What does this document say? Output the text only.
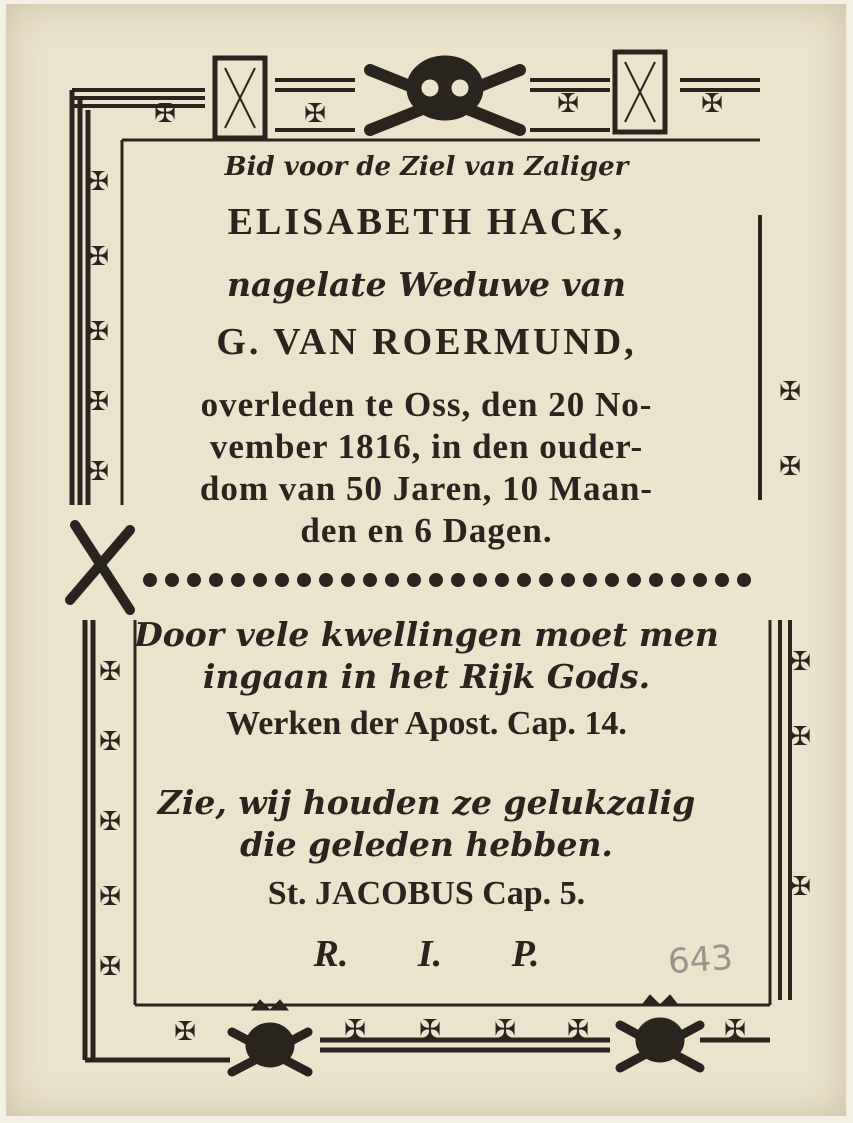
✠	✠	✠	✠
✠
✠
✠
✠
✠
✠
✠
✠
✠
✠
✠
✠
✠
✠
✠
✠	✠ ✠ ✠ ✠	✠
Bid voor de Ziel van Zaliger
ELISABETH HACK,
nagelate Weduwe van
G. VAN ROERMUND,
overleden te Oss, den 20 No-
vember 1816, in den ouder-
dom van 50 Jaren, 10 Maan-
den en 6 Dagen.
Door vele kwellingen moet men
ingaan in het Rijk Gods.
Werken der Apost. Cap. 14.
Zie, wij houden ze gelukzalig
die geleden hebben.
St. JACOBUS Cap. 5.
R. I. P.	643
